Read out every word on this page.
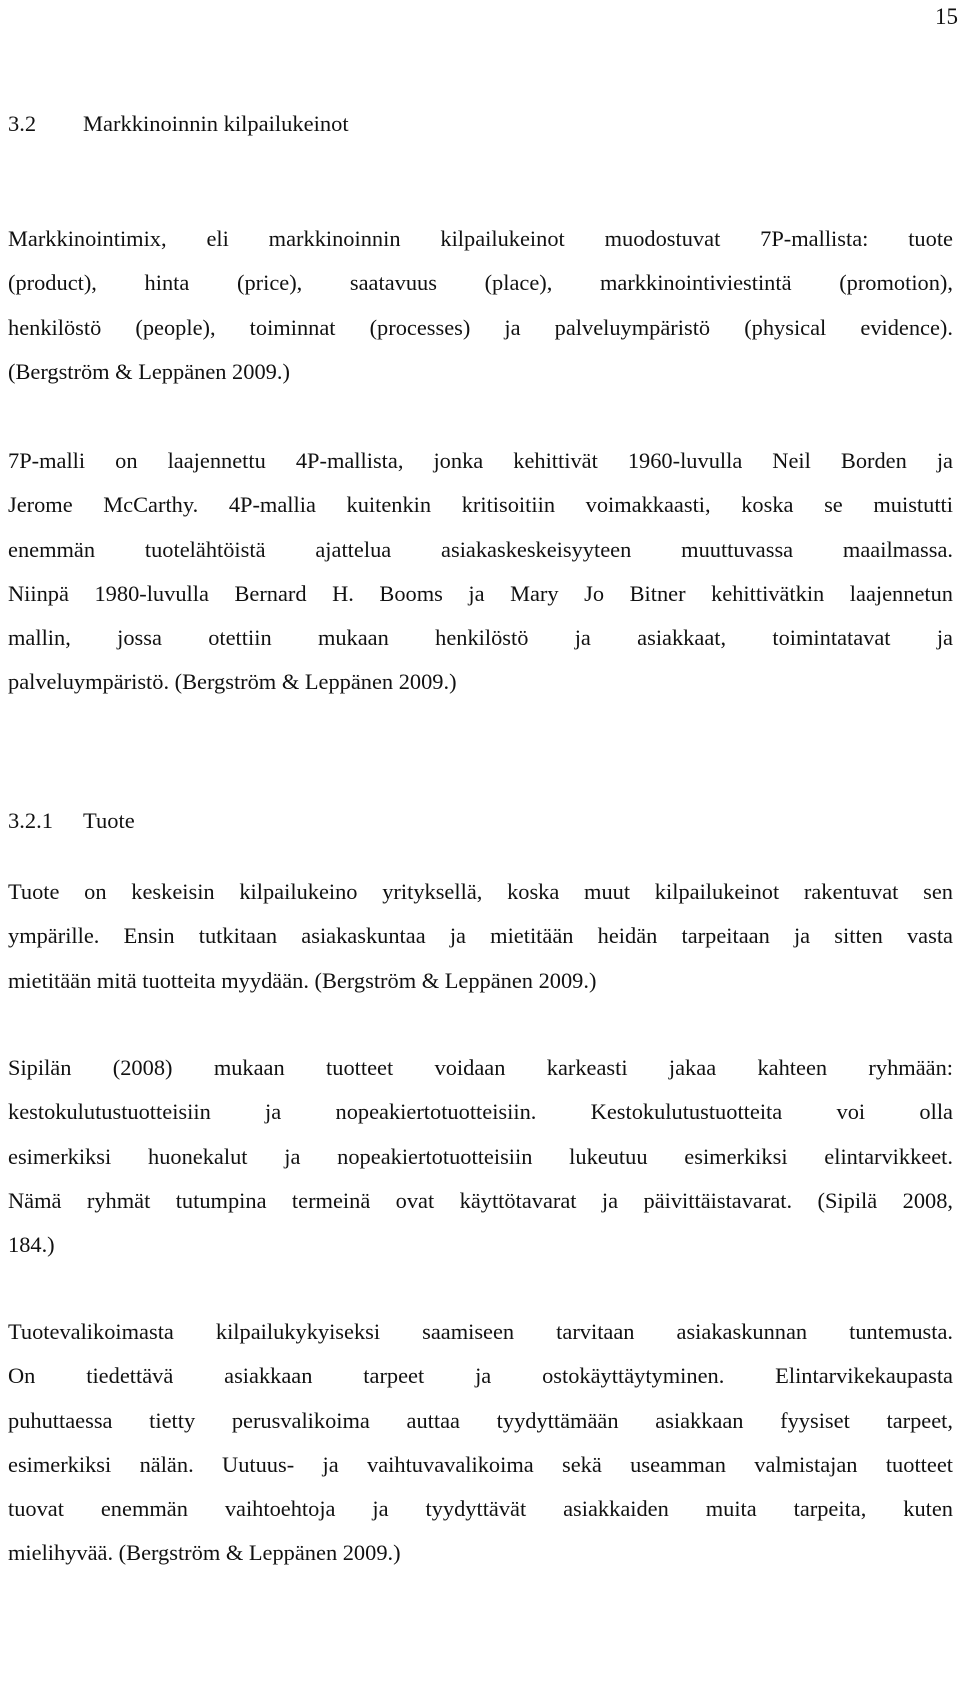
15
3.2 Markkinoinnin kilpailukeinot

Markkinointimix, eli markkinoinnin kilpailukeinot muodostuvat 7P-mallista: tuote
(product), hinta (price), saatavuus (place), markkinointiviestintä (promotion),
henkilöstö (people), toiminnat (processes) ja palveluympäristö (physical evidence).
(Bergström & Leppänen 2009.)

7P-malli on laajennettu 4P-mallista, jonka kehittivät 1960-luvulla Neil Borden ja
Jerome McCarthy. 4P-mallia kuitenkin kritisoitiin voimakkaasti, koska se muistutti
enemmän tuotelähtöistä ajattelua asiakaskeskeisyyteen muuttuvassa maailmassa.
Niinpä 1980-luvulla Bernard H. Booms ja Mary Jo Bitner kehittivätkin laajennetun
mallin, jossa otettiin mukaan henkilöstö ja asiakkaat, toimintatavat ja
palveluympäristö. (Bergström & Leppänen 2009.)

3.2.1 Tuote

Tuote on keskeisin kilpailukeino yrityksellä, koska muut kilpailukeinot rakentuvat sen
ympärille. Ensin tutkitaan asiakaskuntaa ja mietitään heidän tarpeitaan ja sitten vasta
mietitään mitä tuotteita myydään. (Bergström & Leppänen 2009.)

Sipilän (2008) mukaan tuotteet voidaan karkeasti jakaa kahteen ryhmään:
kestokulutustuotteisiin ja nopeakiertotuotteisiin. Kestokulutustuotteita voi olla
esimerkiksi huonekalut ja nopeakiertotuotteisiin lukeutuu esimerkiksi elintarvikkeet.
Nämä ryhmät tutumpina termeinä ovat käyttötavarat ja päivittäistavarat. (Sipilä 2008,
184.)

Tuotevalikoimasta kilpailukykyiseksi saamiseen tarvitaan asiakaskunnan tuntemusta.
On tiedettävä asiakkaan tarpeet ja ostokäyttäytyminen. Elintarvikekaupasta
puhuttaessa tietty perusvalikoima auttaa tyydyttämään asiakkaan fyysiset tarpeet,
esimerkiksi nälän. Uutuus- ja vaihtuvavalikoima sekä useamman valmistajan tuotteet
tuovat enemmän vaihtoehtoja ja tyydyttävät asiakkaiden muita tarpeita, kuten
mielihyvää. (Bergström & Leppänen 2009.)
